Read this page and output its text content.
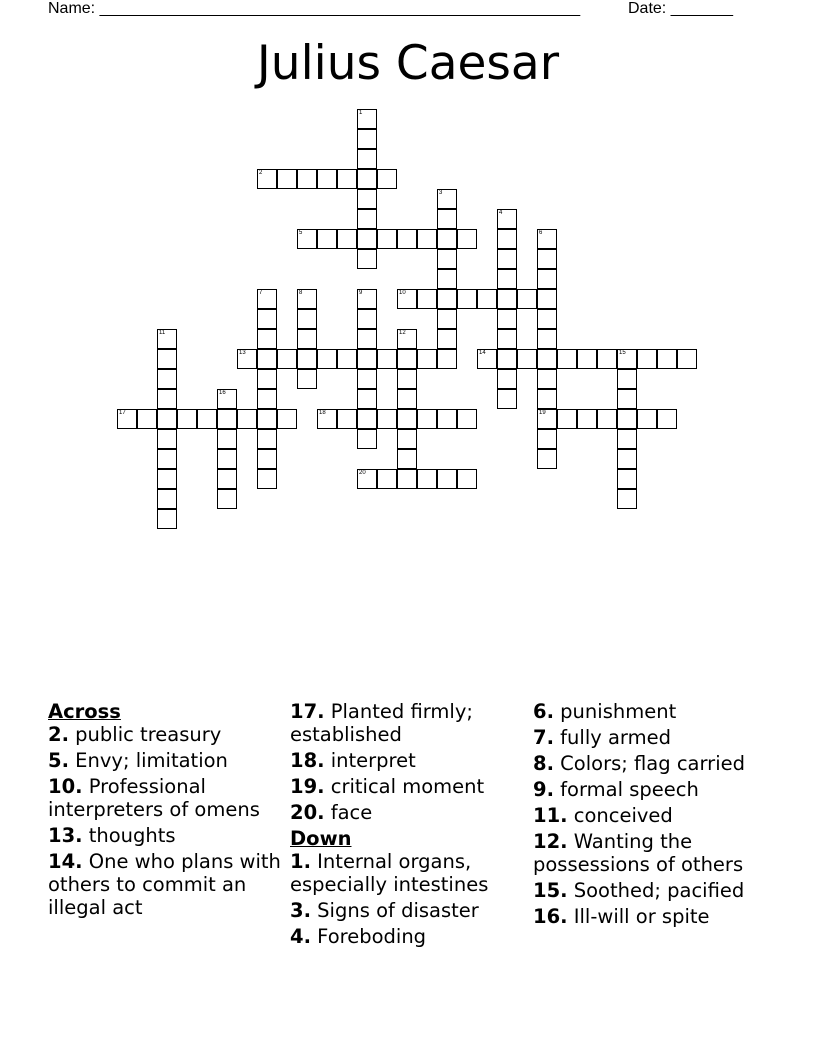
Name: ______________________________________________________	Date: _______
Julius Caesar
1
2
3
4
5	6
19
7	8	9	10
11	12
13	14	15
16
17	18
20
Across
2. public treasury
5. Envy; limitation
10. Professional interpreters of omens
13. thoughts
14. One who plans with others to commit an illegal act
17. Planted firmly; established
18. interpret
19. critical moment
20. face
Down
1. Internal organs, especially intestines
3. Signs of disaster
4. Foreboding
6. punishment
7. fully armed
8. Colors; flag carried
9. formal speech
11. conceived
12. Wanting the possessions of others
15. Soothed; pacified
16. Ill-will or spite
